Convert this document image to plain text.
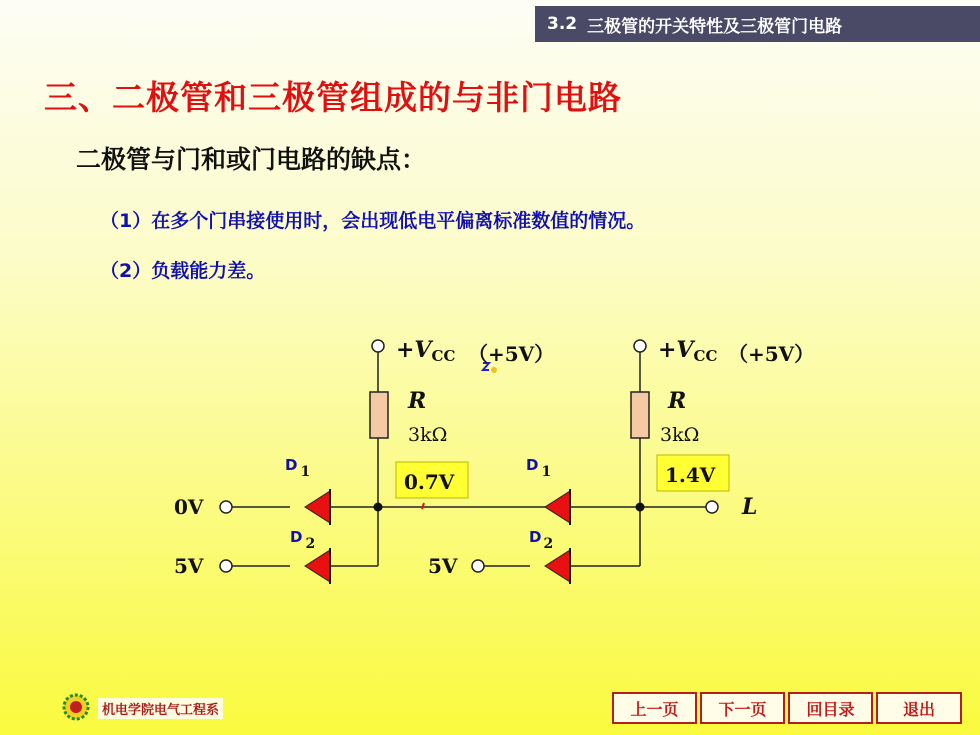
3.2 三极管的开关特性及三极管门电路
三、二极管和三极管组成的与非门电路
二极管与门和或门电路的缺点：
（1）在多个门串接使用时，会出现低电平偏离标准数值的情况。
（2）负载能力差。
+VCC （+5V）
R
3kΩ
D 1
D 2
0V
5V
0.7V
+VCC （+5V）
R
3kΩ
D 1
D 2
5V
1.4V
L
机电学院电气工程系	上一页	下一页	回目录	退出
